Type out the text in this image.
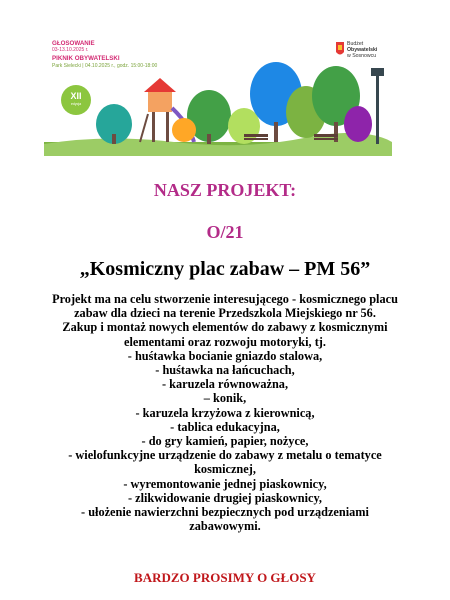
GŁOSOWANIE
03-13.10.2025 r.
PIKNIK OBYWATELSKI
Park Sielecki | 04.10.2025 r., godz. 15:00-18:00
Budżet
Obywatelski
w Sosnowcu
XII
edycja
NASZ PROJEKT:
O/21
„Kosmiczny plac zabaw – PM 56”
Projekt ma na celu stworzenie interesującego - kosmicznego placu
zabaw dla dzieci na terenie Przedszkola Miejskiego nr 56.
Zakup i montaż nowych elementów do zabawy z kosmicznymi
elementami oraz rozwoju motoryki, tj.
- huśtawka bocianie gniazdo stalowa,
- huśtawka na łańcuchach,
- karuzela równoważna,
– konik,
- karuzela krzyżowa z kierownicą,
- tablica edukacyjna,
- do gry kamień, papier, nożyce,
- wielofunkcyjne urządzenie do zabawy z metalu o tematyce
kosmicznej,
- wyremontowanie jednej piaskownicy,
- zlikwidowanie drugiej piaskownicy,
- ułożenie nawierzchni bezpiecznych pod urządzeniami
zabawowymi.
BARDZO PROSIMY O GŁOSY
